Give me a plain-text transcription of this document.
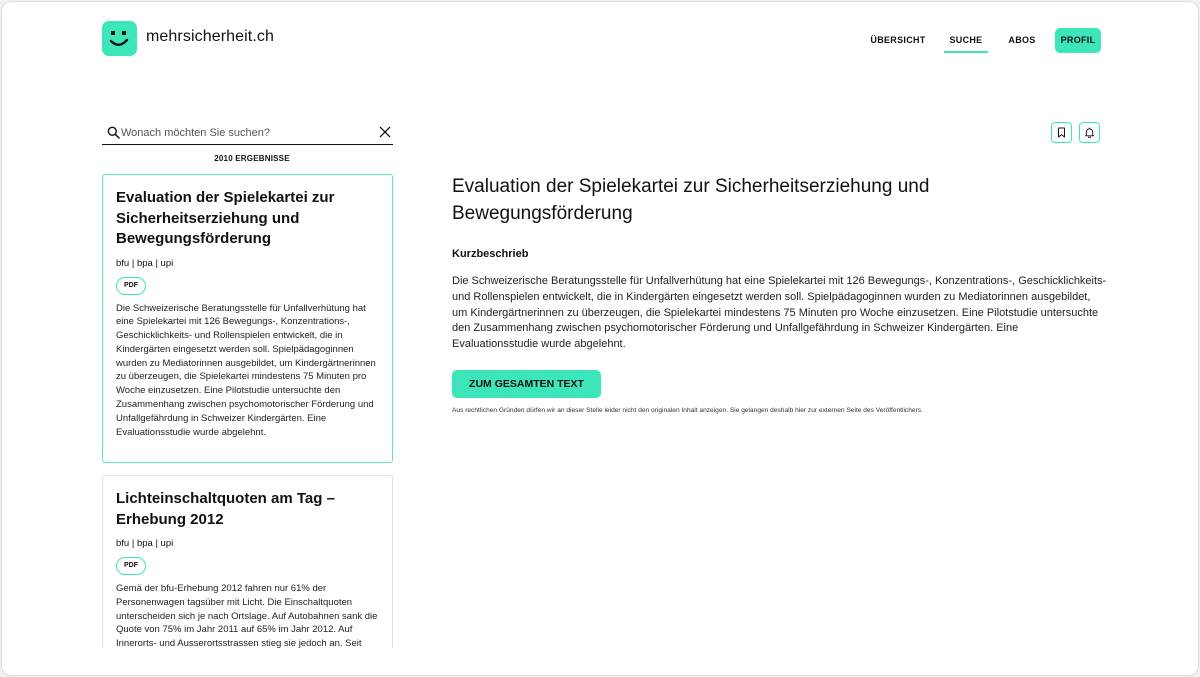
mehrsicherheit.ch	ÜBERSICHT	SUCHE	ABOS	PROFIL
Wonach möchten Sie suchen?
2010 ERGEBNISSE
Evaluation der Spielekartei zur Sicherheitserziehung und Bewegungsförderung
bfu | bpa | upi
PDF
Die Schweizerische Beratungsstelle für Unfallverhütung hat eine Spielekartei mit 126 Bewegungs-, Konzentrations-, Geschicklichkeits- und Rollenspielen entwickelt, die in Kindergärten eingesetzt werden soll. Spielpädagoginnen wurden zu Mediatorinnen ausgebildet, um Kindergärtnerinnen zu überzeugen, die Spielekartei mindestens 75 Minuten pro Woche einzusetzen. Eine Pilotstudie untersuchte den Zusammenhang zwischen psychomotorischer Förderung und Unfallgefährdung in Schweizer Kindergärten. Eine Evaluationsstudie wurde abgelehnt.
Lichteinschaltquoten am Tag – Erhebung 2012
bfu | bpa | upi
PDF
Gemä der bfu-Erhebung 2012 fahren nur 61% der Personenwagen tagsüber mit Licht. Die Einschaltquoten unterscheiden sich je nach Ortslage. Auf Autobahnen sank die Quote von 75% im Jahr 2011 auf 65% im Jahr 2012. Auf Innerorts- und Ausserortsstrassen stieg sie jedoch an. Seit
Evaluation der Spielekartei zur Sicherheitserziehung und Bewegungsförderung
Kurzbeschrieb
Die Schweizerische Beratungsstelle für Unfallverhütung hat eine Spielekartei mit 126 Bewegungs-, Konzentrations-, Geschicklichkeits- und Rollenspielen entwickelt, die in Kindergärten eingesetzt werden soll. Spielpädagoginnen wurden zu Mediatorinnen ausgebildet, um Kindergärtnerinnen zu überzeugen, die Spielekartei mindestens 75 Minuten pro Woche einzusetzen. Eine Pilotstudie untersuchte den Zusammenhang zwischen psychomotorischer Förderung und Unfallgefährdung in Schweizer Kindergärten. Eine Evaluationsstudie wurde abgelehnt.
ZUM GESAMTEN TEXT
Aus rechtlichen Gründen dürfen wir an dieser Stelle leider nicht den originalen Inhalt anzeigen. Sie gelangen deshalb hier zur externen Seite des Veröffentlichers.
